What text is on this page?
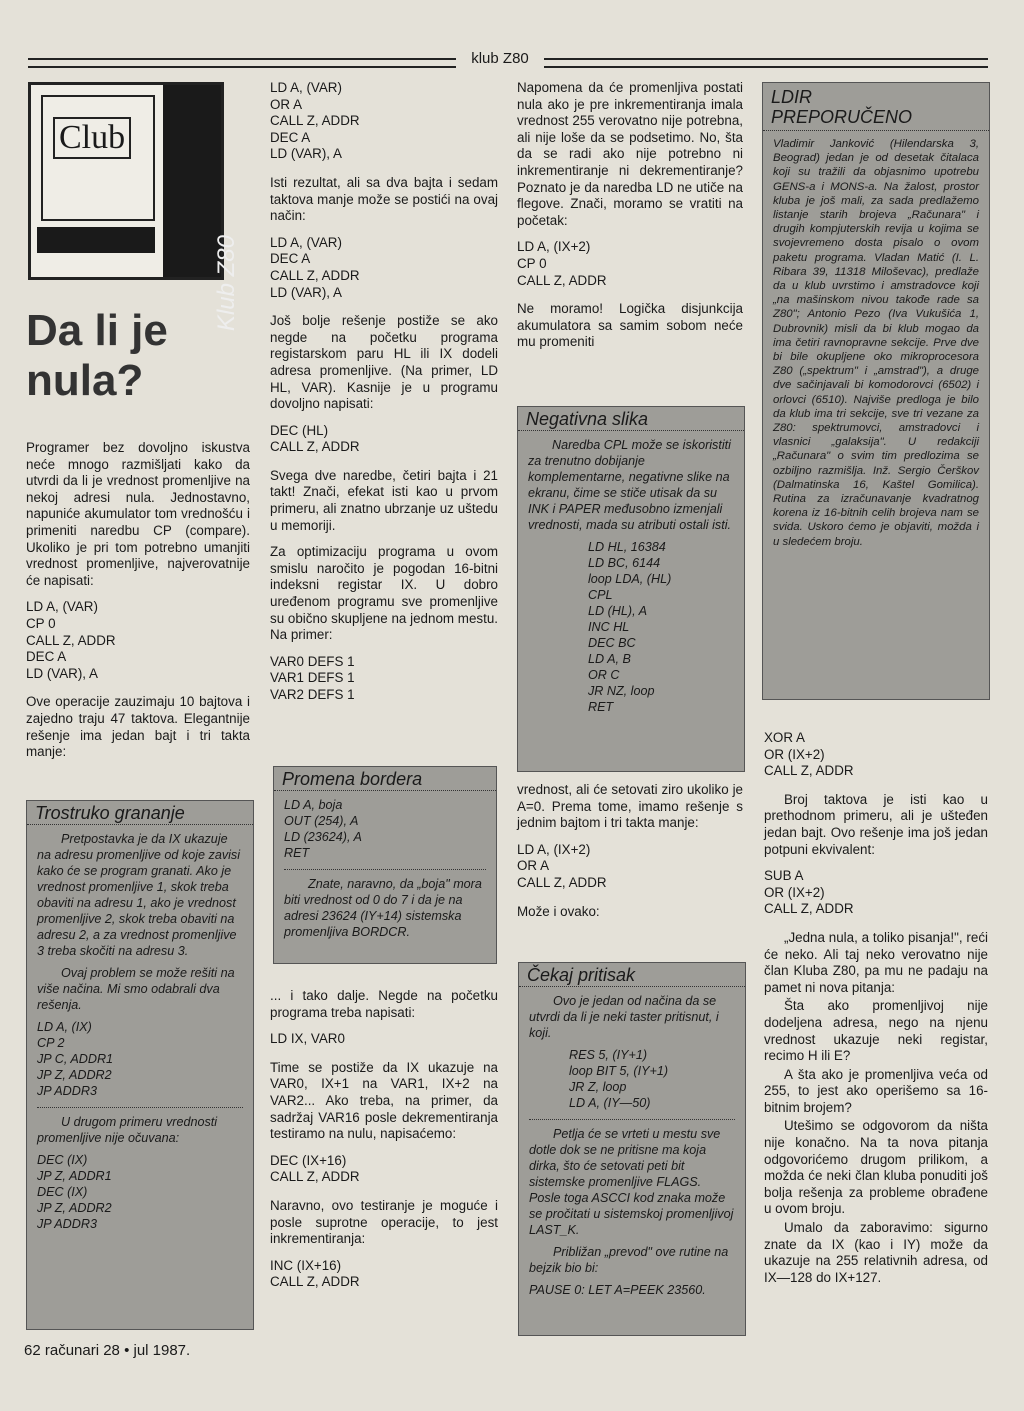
klub Z80
Club
Klub Z80
Da li je nula?

Programer bez dovoljno iskustva neće mnogo razmišljati kako da utvrdi da li je vrednost promenljive na nekoj adresi nula. Jednostavno, napuniće akumulator tom vrednošću i primeniti naredbu CP (compare). Ukoliko je pri tom potrebno umanjiti vrednost promenljive, najverovatnije će napisati:

LD A, (VAR)
CP 0
CALL Z, ADDR
DEC A
LD (VAR), A

Ove operacije zauzimaju 10 bajtova i zajedno traju 47 taktova. Elegantnije rešenje ima jedan bajt i tri takta manje:

Trostruko grananje

Pretpostavka je da IX ukazuje na adresu promenljive od koje zavisi kako će se program granati. Ako je vrednost promenljive 1, skok treba obaviti na adresu 1, ako je vrednost promenljive 2, skok treba obaviti na adresu 2, a za vrednost promenljive 3 treba skočiti na adresu 3.

Ovaj problem se može rešiti na više načina. Mi smo odabrali dva rešenja.

LD A, (IX)
CP 2
JP C, ADDR1
JP Z, ADDR2
JP ADDR3

U drugom primeru vrednosti promenljive nije očuvana:

DEC (IX)
JP Z, ADDR1
DEC (IX)
JP Z, ADDR2
JP ADDR3
62 računari 28 • jul 1987.
LD A, (VAR)
OR A
CALL Z, ADDR
DEC A
LD (VAR), A

Isti rezultat, ali sa dva bajta i sedam taktova manje može se postići na ovaj način:

LD A, (VAR)
DEC A
CALL Z, ADDR
LD (VAR), A

Još bolje rešenje postiže se ako negde na početku programa registarskom paru HL ili IX dodeli adresa promenljive. (Na primer, LD HL, VAR). Kasnije je u programu dovoljno napisati:

DEC (HL)
CALL Z, ADDR

Svega dve naredbe, četiri bajta i 21 takt! Znači, efekat isti kao u prvom primeru, ali znatno ubrzanje uz uštedu u memoriji.

Za optimizaciju programa u ovom smislu naročito je pogodan 16-bitni indeksni registar IX. U dobro uređenom programu sve promenljive su obično skupljene na jednom mestu. Na primer:

VAR0 DEFS 1
VAR1 DEFS 1
VAR2 DEFS 1
Promena bordera
LD A, boja
OUT (254), A
LD (23624), A
RET

Znate, naravno, da „boja" mora biti vrednost od 0 do 7 i da je na adresi 23624 (IY+14) sistemska promenljiva BORDCR.

... i tako dalje. Negde na početku programa treba napisati:

LD IX, VAR0

Time se postiže da IX ukazuje na VAR0, IX+1 na VAR1, IX+2 na VAR2... Ako treba, na primer, da sadržaj VAR16 posle dekrementiranja testiramo na nulu, napisaćemo:

DEC (IX+16)
CALL Z, ADDR

Naravno, ovo testiranje je moguće i posle suprotne operacije, to jest inkrementiranja:

INC (IX+16)
CALL Z, ADDR

Napomena da će promenljiva postati nula ako je pre inkrementiranja imala vrednost 255 verovatno nije potrebna, ali nije loše da se podsetimo. No, šta da se radi ako nije potrebno ni inkrementiranje ni dekrementiranje? Poznato je da naredba LD ne utiče na flegove. Znači, moramo se vratiti na početak:

LD A, (IX+2)
CP 0
CALL Z, ADDR

Ne moramo! Logička disjunkcija akumulatora sa samim sobom neće mu promeniti

Negativna slika

Naredba CPL može se iskoristiti za trenutno dobijanje komplementarne, negativne slike na ekranu, čime se stiče utisak da su INK i PAPER međusobno izmenjali vrednosti, mada su atributi ostali isti.

LD HL, 16384
LD BC, 6144
loop LDA, (HL)
CPL
LD (HL), A
INC HL
DEC BC
LD A, B
OR C
JR NZ, loop
RET

vrednost, ali će setovati ziro ukoliko je A=0. Prema tome, imamo rešenje s jednim bajtom i tri takta manje:

LD A, (IX+2)
OR A
CALL Z, ADDR

Može i ovako:

Čekaj pritisak

Ovo je jedan od načina da se utvrdi da li je neki taster pritisnut, i koji.

RES 5, (IY+1)
loop BIT 5, (IY+1)
JR Z, loop
LD A, (IY—50)

Petlja će se vrteti u mestu sve dotle dok se ne pritisne ma koja dirka, što će setovati peti bit sistemske promenljive FLAGS. Posle toga ASCCI kod znaka može se pročitati u sistemskoj promenljivoj LAST_K.

Približan „prevod" ove rutine na bejzik bio bi:

PAUSE 0: LET A=PEEK 23560.

LDIR
PREPORUČENO

Vladimir Janković (Hilendarska 3, Beograd) jedan je od desetak čitalaca koji su tražili da objasnimo upotrebu GENS-a i MONS-a. Na žalost, prostor kluba je još mali, za sada predlažemo listanje starih brojeva „Računara" i drugih kompjuterskih revija u kojima se svojevremeno dosta pisalo o ovom paketu programa. Vladan Matić (I. L. Ribara 39, 11318 Miloševac), predlaže da u klub uvrstimo i amstradovce koji „na mašinskom nivou takođe rade sa Z80"; Antonio Pezo (Iva Vukušića 1, Dubrovnik) misli da bi klub mogao da ima četiri ravnopravne sekcije. Prve dve bi bile okupljene oko mikroprocesora Z80 („spektrum" i „amstrad"), a druge dve sačinjavali bi komodorovci (6502) i orlovci (6510). Najviše predloga je bilo da klub ima tri sekcije, sve tri vezane za Z80: spektrumovci, amstradovci i vlasnici „galaksija". U redakciji „Računara" o svim tim predlozima se ozbiljno razmišlja. Inž. Sergio Čerškov (Dalmatinska 16, Kaštel Gomilica). Rutina za izračunavanje kvadratnog korena iz 16-bitnih celih brojeva nam se svida. Uskoro ćemo je objaviti, možda i u sledećem broju.

XOR A
OR (IX+2)
CALL Z, ADDR

Broj taktova je isti kao u prethodnom primeru, ali je ušteđen jedan bajt. Ovo rešenje ima još jedan potpuni ekvivalent:

SUB A
OR (IX+2)
CALL Z, ADDR

„Jedna nula, a toliko pisanja!", reći će neko. Ali taj neko verovatno nije član Kluba Z80, pa mu ne padaju na pamet ni nova pitanja:

Šta ako promenljivoj nije dodeljena adresa, nego na njenu vrednost ukazuje neki registar, recimo H ili E?

A šta ako je promenljiva veća od 255, to jest ako operišemo sa 16-bitnim brojem?

Utešimo se odgovorom da ništa nije konačno. Na ta nova pitanja odgovorićemo drugom prilikom, a možda će neki član kluba ponuditi još bolja rešenja za probleme obrađene u ovom broju.

Umalo da zaboravimo: sigurno znate da IX (kao i IY) može da ukazuje na 255 relativnih adresa, od IX—128 do IX+127.
